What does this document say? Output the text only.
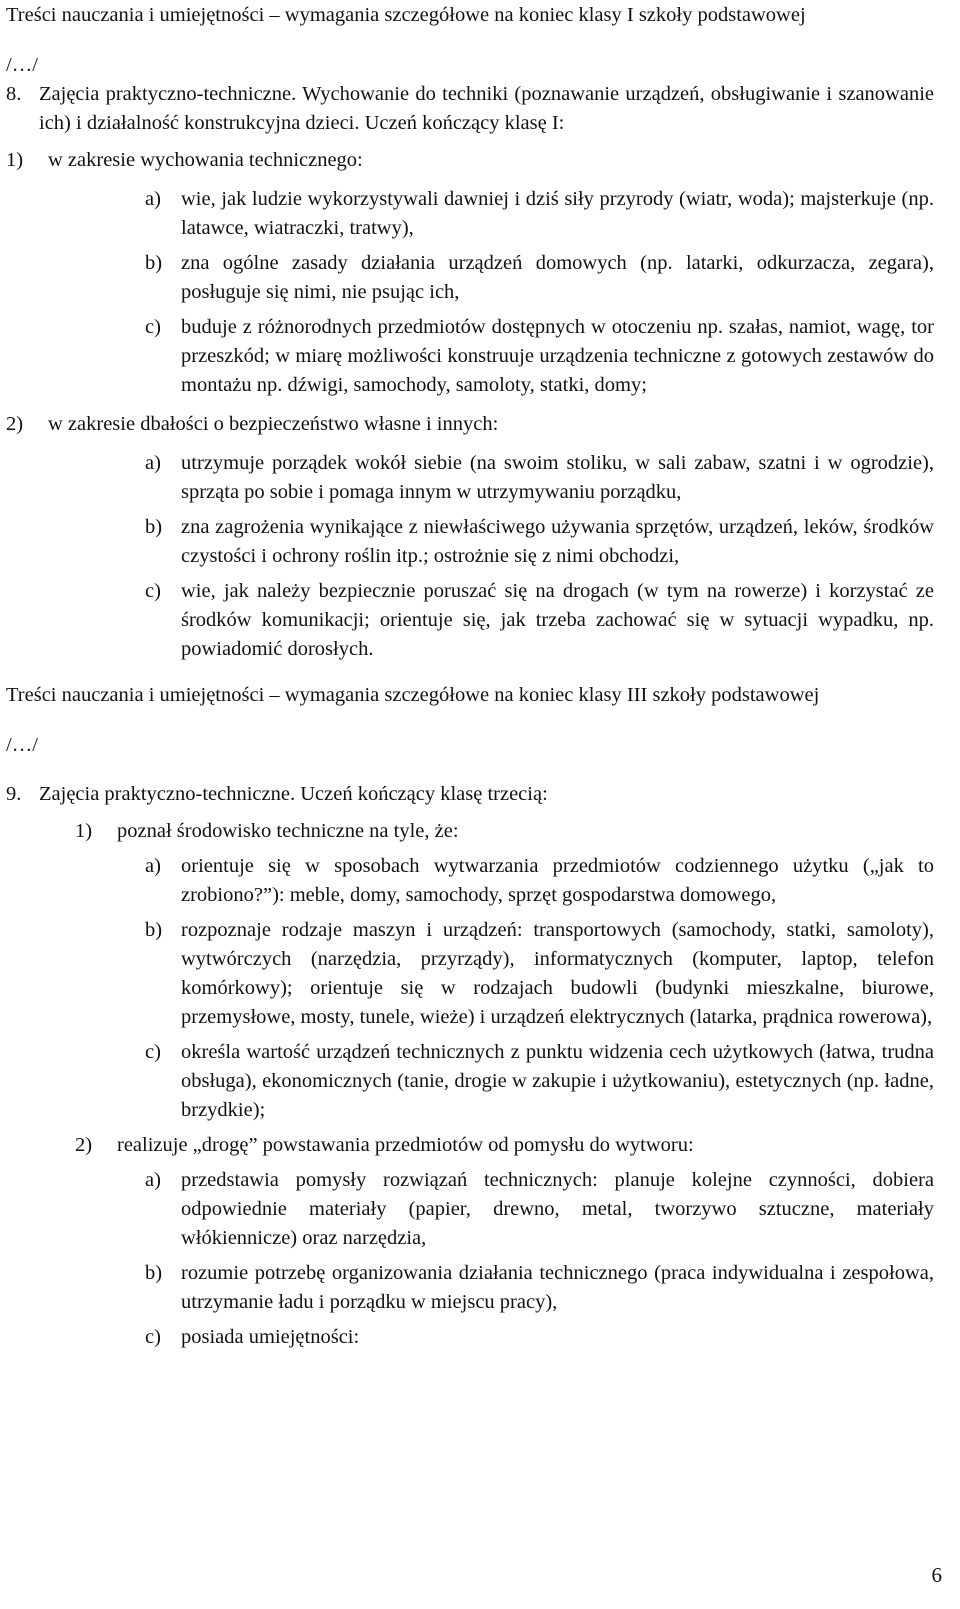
Treści nauczania i umiejętności – wymagania szczegółowe na koniec klasy I szkoły podstawowej

/…/

8. Zajęcia praktyczno-techniczne. Wychowanie do techniki (poznawanie urządzeń, obsługiwanie i szanowanie ich) i działalność konstrukcyjna dzieci. Uczeń kończący klasę I:
1)	w zakresie wychowania technicznego:
a) wie, jak ludzie wykorzystywali dawniej i dziś siły przyrody (wiatr, woda); majsterkuje (np. latawce, wiatraczki, tratwy),
b) zna ogólne zasady działania urządzeń domowych (np. latarki, odkurzacza, zegara), posługuje się nimi, nie psując ich,
c) buduje z różnorodnych przedmiotów dostępnych w otoczeniu np. szałas, namiot, wagę, tor przeszkód; w miarę możliwości konstruuje urządzenia techniczne z gotowych zestawów do montażu np. dźwigi, samochody, samoloty, statki, domy;
2)	w zakresie dbałości o bezpieczeństwo własne i innych:
a) utrzymuje porządek wokół siebie (na swoim stoliku, w sali zabaw, szatni i w ogrodzie), sprząta po sobie i pomaga innym w utrzymywaniu porządku,
b) zna zagrożenia wynikające z niewłaściwego używania sprzętów, urządzeń, leków, środków czystości i ochrony roślin itp.; ostrożnie się z nimi obchodzi,
c) wie, jak należy bezpiecznie poruszać się na drogach (w tym na rowerze) i korzystać ze środków komunikacji; orientuje się, jak trzeba zachować się w sytuacji wypadku, np. powiadomić dorosłych.

Treści nauczania i umiejętności – wymagania szczegółowe na koniec klasy III szkoły podstawowej

/…/

9. Zajęcia praktyczno-techniczne. Uczeń kończący klasę trzecią:
1)	poznał środowisko techniczne na tyle, że:
a) orientuje się w sposobach wytwarzania przedmiotów codziennego użytku („jak to zrobiono?”): meble, domy, samochody, sprzęt gospodarstwa domowego,
b) rozpoznaje rodzaje maszyn i urządzeń: transportowych (samochody, statki, samoloty), wytwórczych (narzędzia, przyrządy), informatycznych (komputer, laptop, telefon komórkowy); orientuje się w rodzajach budowli (budynki mieszkalne, biurowe, przemysłowe, mosty, tunele, wieże) i urządzeń elektrycznych (latarka, prądnica rowerowa),
c) określa wartość urządzeń technicznych z punktu widzenia cech użytkowych (łatwa, trudna obsługa), ekonomicznych (tanie, drogie w zakupie i użytkowaniu), estetycznych (np. ładne, brzydkie);
2)	realizuje „drogę” powstawania przedmiotów od pomysłu do wytworu:
a) przedstawia pomysły rozwiązań technicznych: planuje kolejne czynności, dobiera odpowiednie materiały (papier, drewno, metal, tworzywo sztuczne, materiały włókiennicze) oraz narzędzia,
b) rozumie potrzebę organizowania działania technicznego (praca indywidualna i zespołowa, utrzymanie ładu i porządku w miejscu pracy),
c) posiada umiejętności:
6
